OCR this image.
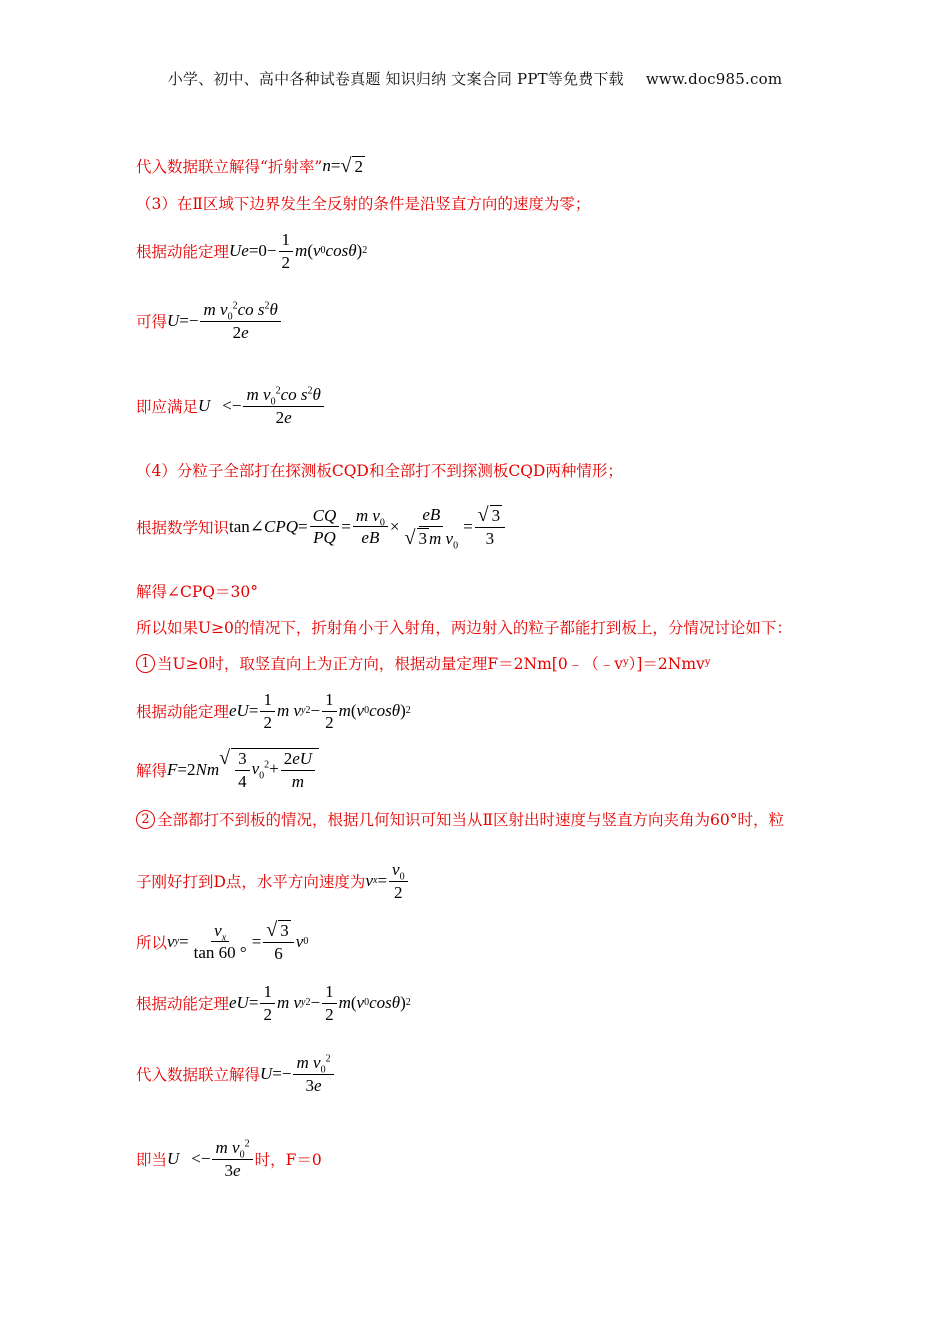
小学、初中、高中各种试卷真题 知识归纳 文案合同 PPT等免费下载 www.doc985.com
代入数据联立解得“折射率” n = √ 2
（3）在Ⅱ区域下边界发生全反射的条件是沿竖直方向的速度为零；
根据动能定理 $Ue =0- \frac{1}{2}$ m ( v 0 cosθ ) 2
可得 $U =- \frac{m v_0^2co s^2\theta}{2e}$
即应满足 $U <- \frac{m v_0^2co s^2\theta}{2e}$
（4）分粒子全部打在探测板CQD和全部打不到探测板CQD两种情形；
根据数学知识 tan∠ CPQ = $\frac{CQ}{PQ} = \frac{m v_0}{eB} \times \frac{eB}{√ 3 m v_0} = \frac{√ 3}{3}$
解得∠CPQ＝30°
所以如果U≥0的情况下，折射角小于入射角，两边射入的粒子都能打到板上，分情况讨论如下：
1 当U≥0时，取竖直向上为正方向，根据动量定理F＝2Nm[0﹣（﹣v y ）]＝2Nmv y
根据动能定理 eU = $\frac{1}{2}$ m v y $2 - \frac{1}{2}$ m ( v 0 cosθ ) 2
解得 F =2 Nm
√ $\frac{3}{4} v_0^2+ \frac{2eU}{m}$
2 全部都打不到板的情况，根据几何知识可知当从Ⅱ区射出时速度与竖直方向夹角为60°时，粒
子刚好打到D点，水平方向速度为 v $x = \frac{v_0}{2}$
所以 v $y = \frac{v_x}{\tan 60 ^\circ} = \frac{√ 3}{6}$ v 0
根据动能定理 eU = $\frac{1}{2}$ m v y $2 - \frac{1}{2}$ m ( v 0 cosθ ) 2
代入数据联立解得 $U =- \frac{m v_0^2}{3e}$
即当 $U <- \frac{m v_0^2}{3e}$ 时，F＝0
